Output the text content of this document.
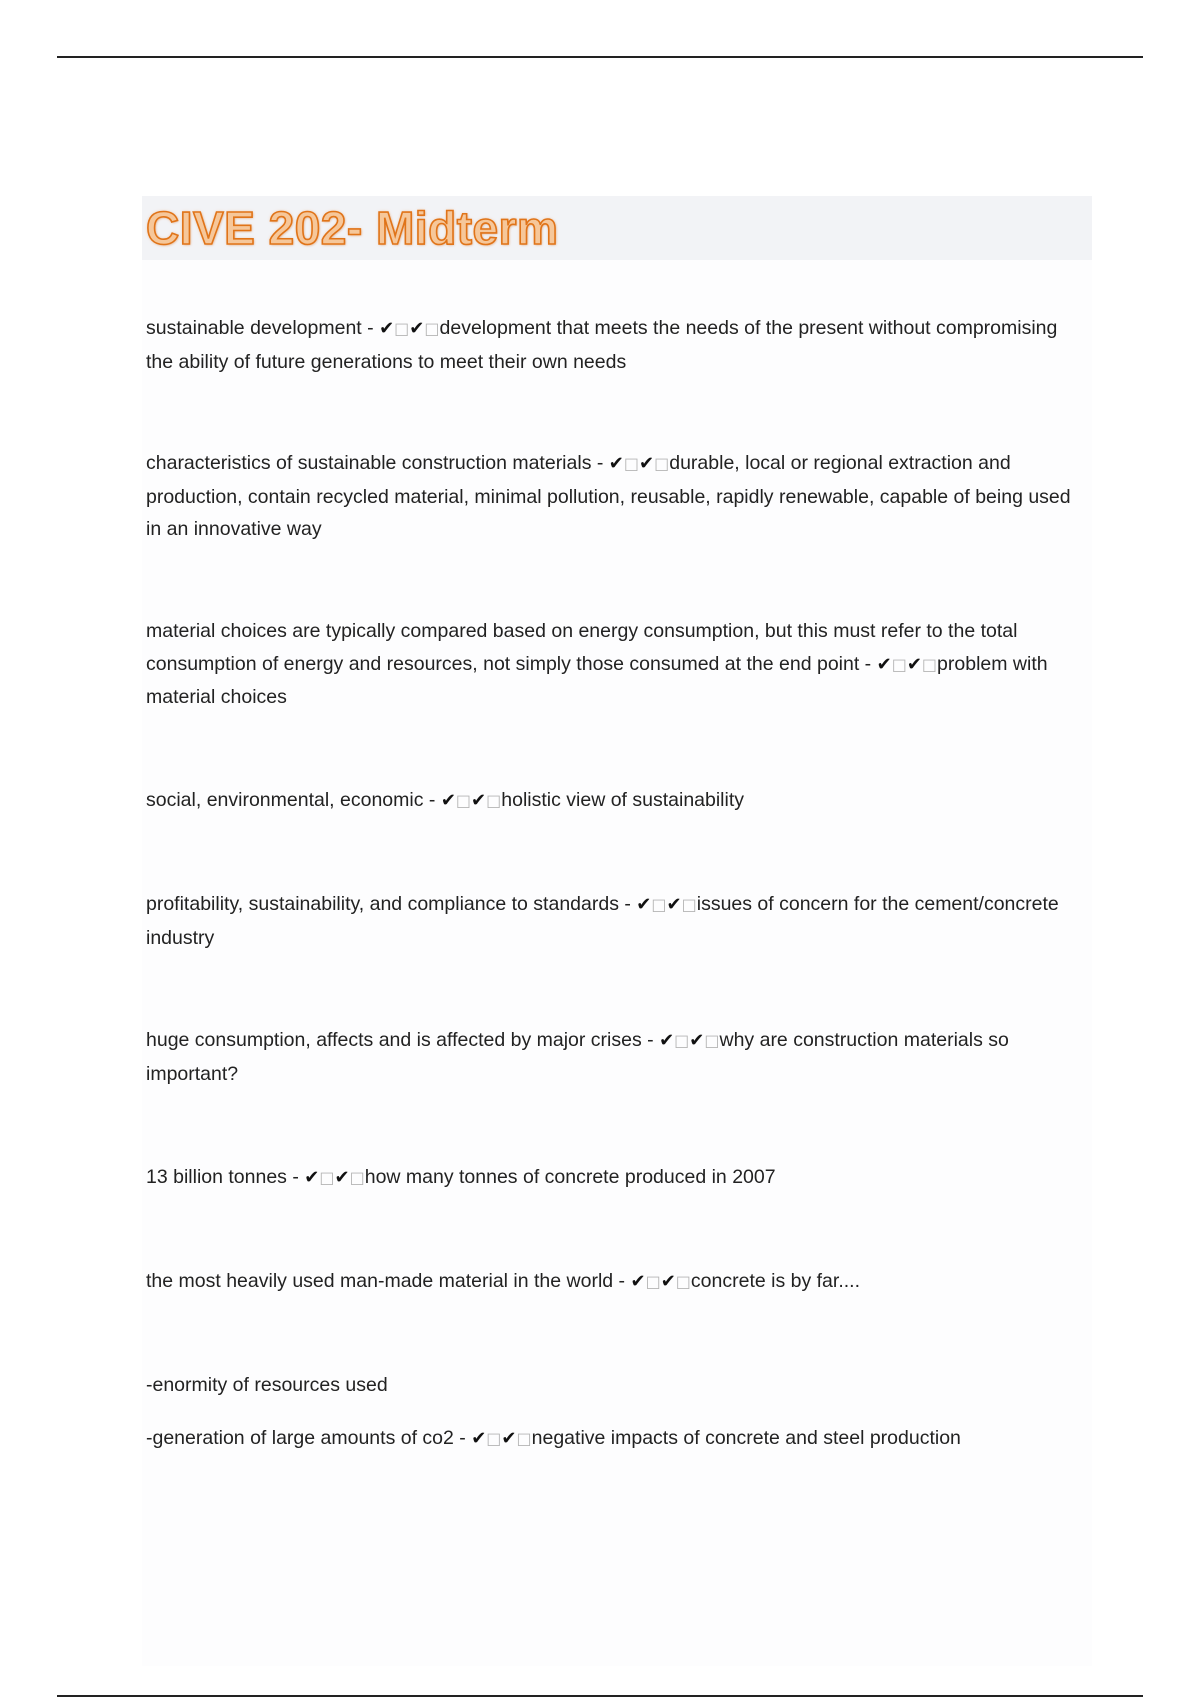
CIVE 202- Midterm

sustainable development - ✔□✔□development that meets the needs of the present without compromising the ability of future generations to meet their own needs

characteristics of sustainable construction materials - ✔□✔□durable, local or regional extraction and production, contain recycled material, minimal pollution, reusable, rapidly renewable, capable of being used in an innovative way

material choices are typically compared based on energy consumption, but this must refer to the total consumption of energy and resources, not simply those consumed at the end point - ✔□✔□problem with material choices

social, environmental, economic - ✔□✔□holistic view of sustainability

profitability, sustainability, and compliance to standards - ✔□✔□issues of concern for the cement/concrete industry

huge consumption, affects and is affected by major crises - ✔□✔□why are construction materials so important?

13 billion tonnes - ✔□✔□how many tonnes of concrete produced in 2007

the most heavily used man-made material in the world - ✔□✔□concrete is by far....

-enormity of resources used

-generation of large amounts of co2 - ✔□✔□negative impacts of concrete and steel production
